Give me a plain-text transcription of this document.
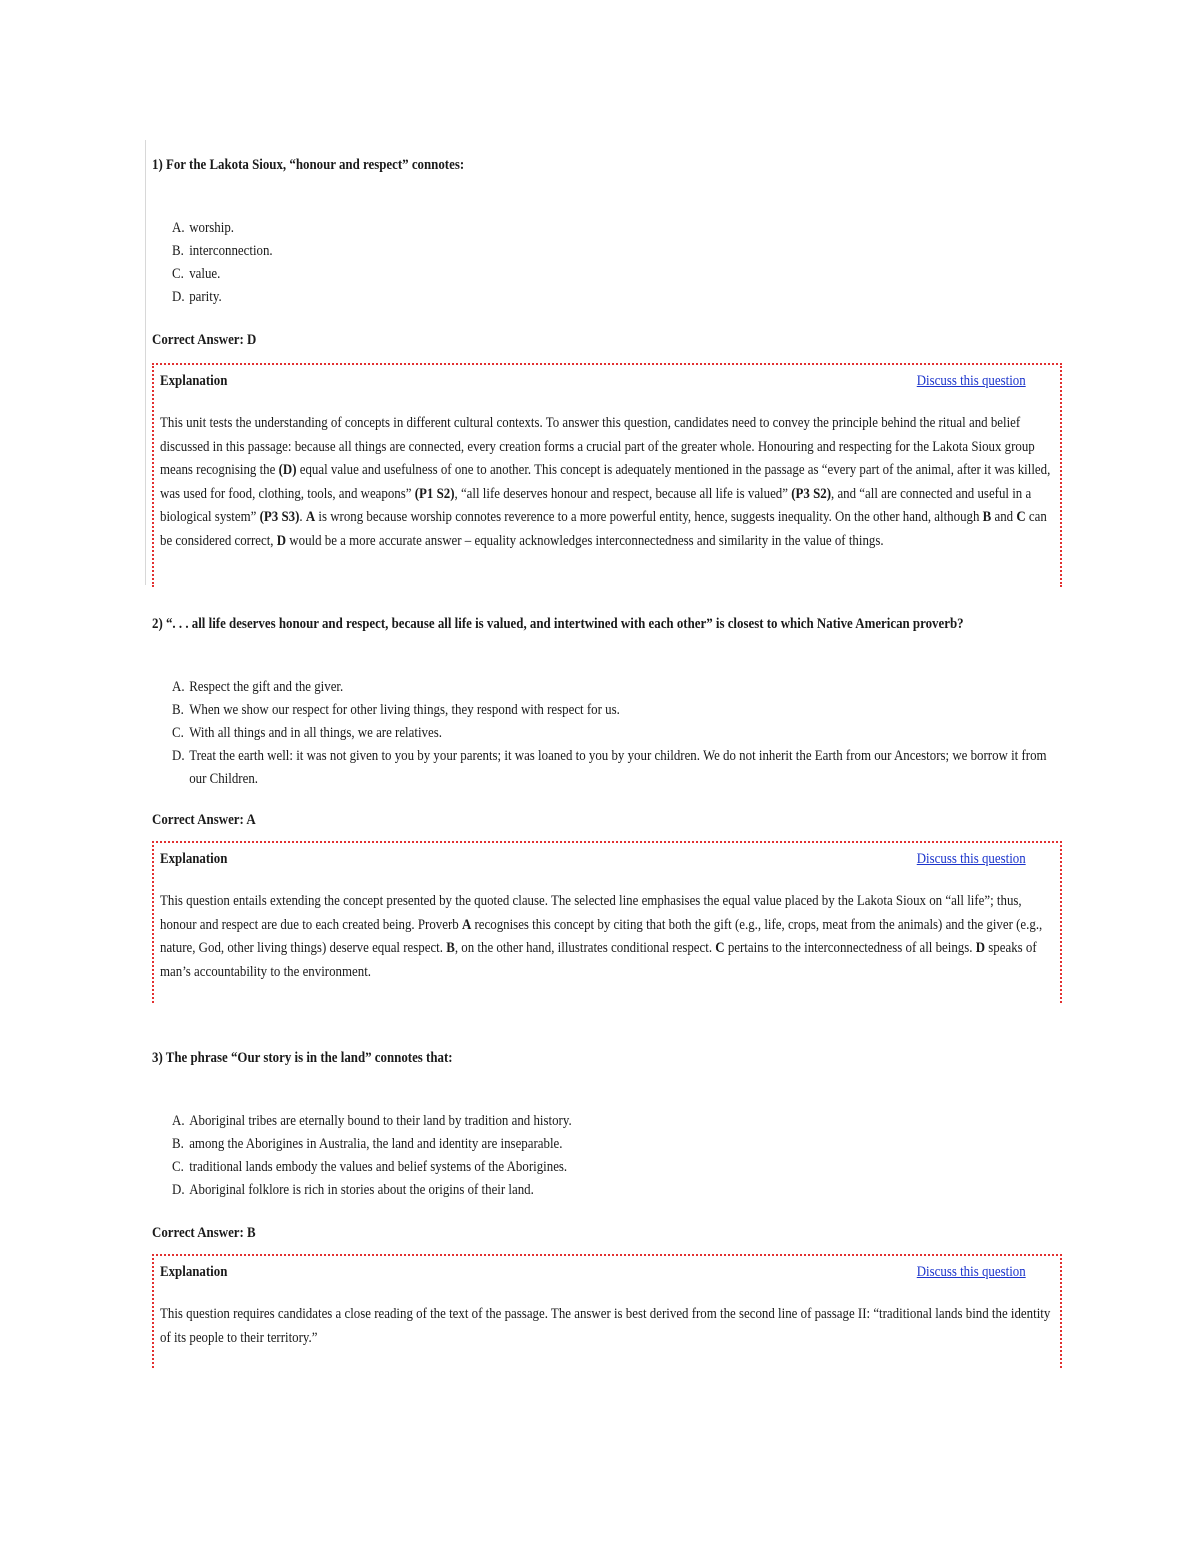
1) For the Lakota Sioux, “honour and respect” connotes:

A. worship.
B. interconnection.
C. value.
D. parity.
Correct Answer: D
Explanation	Discuss this question

This unit tests the understanding of concepts in different cultural contexts. To answer this question, candidates need to convey the principle behind the ritual and belief discussed in this passage: because all things are connected, every creation forms a crucial part of the greater whole. Honouring and respecting for the Lakota Sioux group means recognising the (D) equal value and usefulness of one to another. This concept is adequately mentioned in the passage as “every part of the animal, after it was killed, was used for food, clothing, tools, and weapons” (P1 S2), “all life deserves honour and respect, because all life is valued” (P3 S2), and “all are connected and useful in a biological system” (P3 S3). A is wrong because worship connotes reverence to a more powerful entity, hence, suggests inequality. On the other hand, although B and C can be considered correct, D would be a more accurate answer – equality acknowledges interconnectedness and similarity in the value of things.

2) “. . . all life deserves honour and respect, because all life is valued, and intertwined with each other” is closest to which Native American proverb?

A. Respect the gift and the giver.
B. When we show our respect for other living things, they respond with respect for us.
C. With all things and in all things, we are relatives.
D. Treat the earth well: it was not given to you by your parents; it was loaned to you by your children. We do not inherit the Earth from our Ancestors; we borrow it from our Children.
Correct Answer: A
Explanation	Discuss this question

This question entails extending the concept presented by the quoted clause. The selected line emphasises the equal value placed by the Lakota Sioux on “all life”; thus, honour and respect are due to each created being. Proverb A recognises this concept by citing that both the gift (e.g., life, crops, meat from the animals) and the giver (e.g., nature, God, other living things) deserve equal respect. B, on the other hand, illustrates conditional respect. C pertains to the interconnectedness of all beings. D speaks of man’s accountability to the environment.

3) The phrase “Our story is in the land” connotes that:

A. Aboriginal tribes are eternally bound to their land by tradition and history.
B. among the Aborigines in Australia, the land and identity are inseparable.
C. traditional lands embody the values and belief systems of the Aborigines.
D. Aboriginal folklore is rich in stories about the origins of their land.
Correct Answer: B
Explanation	Discuss this question

This question requires candidates a close reading of the text of the passage. The answer is best derived from the second line of passage II: “traditional lands bind the identity of its people to their territory.”
